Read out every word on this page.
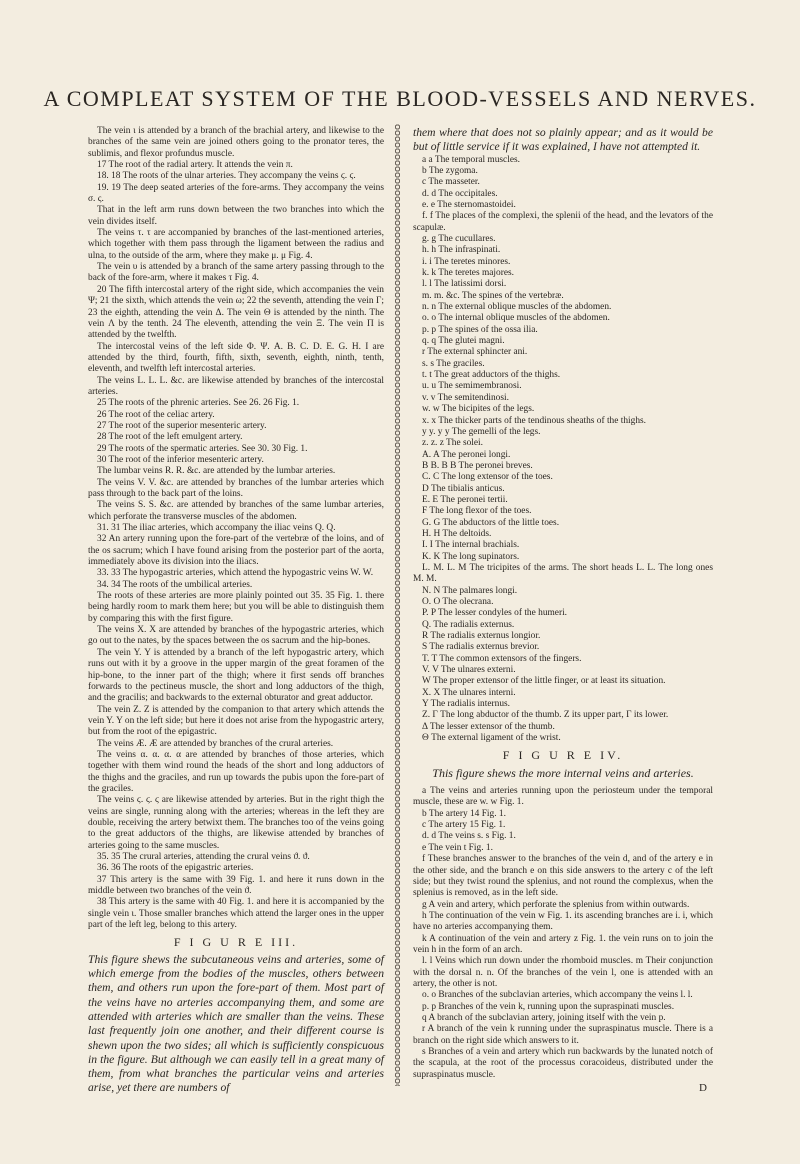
A COMPLEAT SYSTEM OF THE BLOOD-VESSELS AND NERVES.

The vein ι is attended by a branch of the brachial artery, and likewise to the branches of the same vein are joined others going to the pronator teres, the sublimis, and flexor profundus muscle.

17 The root of the radial artery. It attends the vein π.

18. 18 The roots of the ulnar arteries. They accompany the veins ϛ. ϛ.

19. 19 The deep seated arteries of the fore-arms. They accompany the veins σ. ς.

That in the left arm runs down between the two branches into which the vein divides itself.

The veins τ. τ are accompanied by branches of the last-mentioned arteries, which together with them pass through the ligament between the radius and ulna, to the outside of the arm, where they make μ. μ Fig. 4.

The vein υ is attended by a branch of the same artery passing through to the back of the fore-arm, where it makes τ Fig. 4.

20 The fifth intercostal artery of the right side, which accompanies the vein Ψ; 21 the sixth, which attends the vein ω; 22 the seventh, attending the vein Γ; 23 the eighth, attending the vein Δ. The vein Θ is attended by the ninth. The vein Λ by the tenth. 24 The eleventh, attending the vein Ξ. The vein Π is attended by the twelfth.

The intercostal veins of the left side Φ. Ψ. A. B. C. D. E. G. H. I are attended by the third, fourth, fifth, sixth, seventh, eighth, ninth, tenth, eleventh, and twelfth left intercostal arteries.

The veins L. L. L. &c. are likewise attended by branches of the intercostal arteries.

25 The roots of the phrenic arteries. See 26. 26 Fig. 1.

26 The root of the celiac artery.

27 The root of the superior mesenteric artery.

28 The root of the left emulgent artery.

29 The roots of the spermatic arteries. See 30. 30 Fig. 1.

30 The root of the inferior mesenteric artery.

The lumbar veins R. R. &c. are attended by the lumbar arteries.

The veins V. V. &c. are attended by branches of the lumbar arteries which pass through to the back part of the loins.

The veins S. S. &c. are attended by branches of the same lumbar arteries, which perforate the transverse muscles of the abdomen.

31. 31 The iliac arteries, which accompany the iliac veins Q. Q.

32 An artery running upon the fore-part of the vertebræ of the loins, and of the os sacrum; which I have found arising from the posterior part of the aorta, immediately above its division into the iliacs.

33. 33 The hypogastric arteries, which attend the hypogastric veins W. W.

34. 34 The roots of the umbilical arteries.

The roots of these arteries are more plainly pointed out 35. 35 Fig. 1. there being hardly room to mark them here; but you will be able to distinguish them by comparing this with the first figure.

The veins X. X are attended by branches of the hypogastric arteries, which go out to the nates, by the spaces between the os sacrum and the hip-bones.

The vein Y. Y is attended by a branch of the left hypogastric artery, which runs out with it by a groove in the upper margin of the great foramen of the hip-bone, to the inner part of the thigh; where it first sends off branches forwards to the pectineus muscle, the short and long adductors of the thigh, and the gracilis; and backwards to the external obturator and great adductor.

The vein Z. Z is attended by the companion to that artery which attends the vein Y. Y on the left side; but here it does not arise from the hypogastric artery, but from the root of the epigastric.

The veins Æ. Æ are attended by branches of the crural arteries.

The veins α. α. α. α are attended by branches of those arteries, which together with them wind round the heads of the short and long adductors of the thighs and the graciles, and run up towards the pubis upon the fore-part of the graciles.

The veins ϛ. ϛ. ϛ are likewise attended by arteries. But in the right thigh the veins are single, running along with the arteries; whereas in the left they are double, receiving the artery betwixt them. The branches too of the veins going to the great adductors of the thighs, are likewise attended by branches of arteries going to the same muscles.

35. 35 The crural arteries, attending the crural veins ϑ. ϑ.

36. 36 The roots of the epigastric arteries.

37 This artery is the same with 39 Fig. 1. and here it runs down in the middle between two branches of the vein ϑ.

38 This artery is the same with 40 Fig. 1. and here it is accompanied by the single vein ι. Those smaller branches which attend the larger ones in the upper part of the left leg, belong to this artery.

F I G U R E III.

This figure shews the subcutaneous veins and arteries, some of which emerge from the bodies of the muscles, others between them, and others run upon the fore-part of them. Most part of the veins have no arteries accompanying them, and some are attended with arteries which are smaller than the veins. These last frequently join one another, and their different course is shewn upon the two sides; all which is sufficiently conspicuous in the figure. But although we can easily tell in a great many of them, from what branches the particular veins and arteries arise, yet there are numbers of

them where that does not so plainly appear; and as it would be but of little service if it was explained, I have not attempted it.

a a The temporal muscles.

b The zygoma.

c The masseter.

d. d The occipitales.

e. e The sternomastoidei.

f. f The places of the complexi, the splenii of the head, and the levators of the scapulæ.

g. g The cucullares.

h. h The infraspinati.

i. i The teretes minores.

k. k The teretes majores.

l. l The latissimi dorsi.

m. m. &c. The spines of the vertebræ.

n. n The external oblique muscles of the abdomen.

o. o The internal oblique muscles of the abdomen.

p. p The spines of the ossa ilia.

q. q The glutei magni.

r The external sphincter ani.

s. s The graciles.

t. t The great adductors of the thighs.

u. u The semimembranosi.

v. v The semitendinosi.

w. w The bicipites of the legs.

x. x The thicker parts of the tendinous sheaths of the thighs.

y y. y y The gemelli of the legs.

z. z. z The solei.

A. A The peronei longi.

B B. B B The peronei breves.

C. C The long extensor of the toes.

D The tibialis anticus.

E. E The peronei tertii.

F The long flexor of the toes.

G. G The abductors of the little toes.

H. H The deltoids.

I. I The internal brachials.

K. K The long supinators.

L. M. L. M The tricipites of the arms. The short heads L. L. The long ones M. M.

N. N The palmares longi.

O. O The olecrana.

P. P The lesser condyles of the humeri.

Q. The radialis externus.

R The radialis externus longior.

S The radialis externus brevior.

T. T The common extensors of the fingers.

V. V The ulnares externi.

W The proper extensor of the little finger, or at least its situation.

X. X The ulnares interni.

Y The radialis internus.

Z. Γ The long abductor of the thumb. Z its upper part, Γ its lower.

Δ The lesser extensor of the thumb.

Θ The external ligament of the wrist.

F I G U R E IV.

This figure shews the more internal veins and arteries.

a The veins and arteries running upon the periosteum under the temporal muscle, these are w. w Fig. 1.

b The artery 14 Fig. 1.

c The artery 15 Fig. 1.

d. d The veins s. s Fig. 1.

e The vein t Fig. 1.

f These branches answer to the branches of the vein d, and of the artery e in the other side, and the branch e on this side answers to the artery c of the left side; but they twist round the splenius, and not round the complexus, when the splenius is removed, as in the left side.

g A vein and artery, which perforate the splenius from within outwards.

h The continuation of the vein w Fig. 1. its ascending branches are i. i, which have no arteries accompanying them.

k A continuation of the vein and artery z Fig. 1. the vein runs on to join the vein h in the form of an arch.

l. l Veins which run down under the rhomboid muscles. m Their conjunction with the dorsal n. n. Of the branches of the vein l, one is attended with an artery, the other is not.

o. o Branches of the subclavian arteries, which accompany the veins l. l.

p. p Branches of the vein k, running upon the supraspinati muscles.

q A branch of the subclavian artery, joining itself with the vein p.

r A branch of the vein k running under the supraspinatus muscle. There is a branch on the right side which answers to it.

s Branches of a vein and artery which run backwards by the lunated notch of the scapula, at the root of the processus coracoideus, distributed under the supraspinatus muscle.

D
